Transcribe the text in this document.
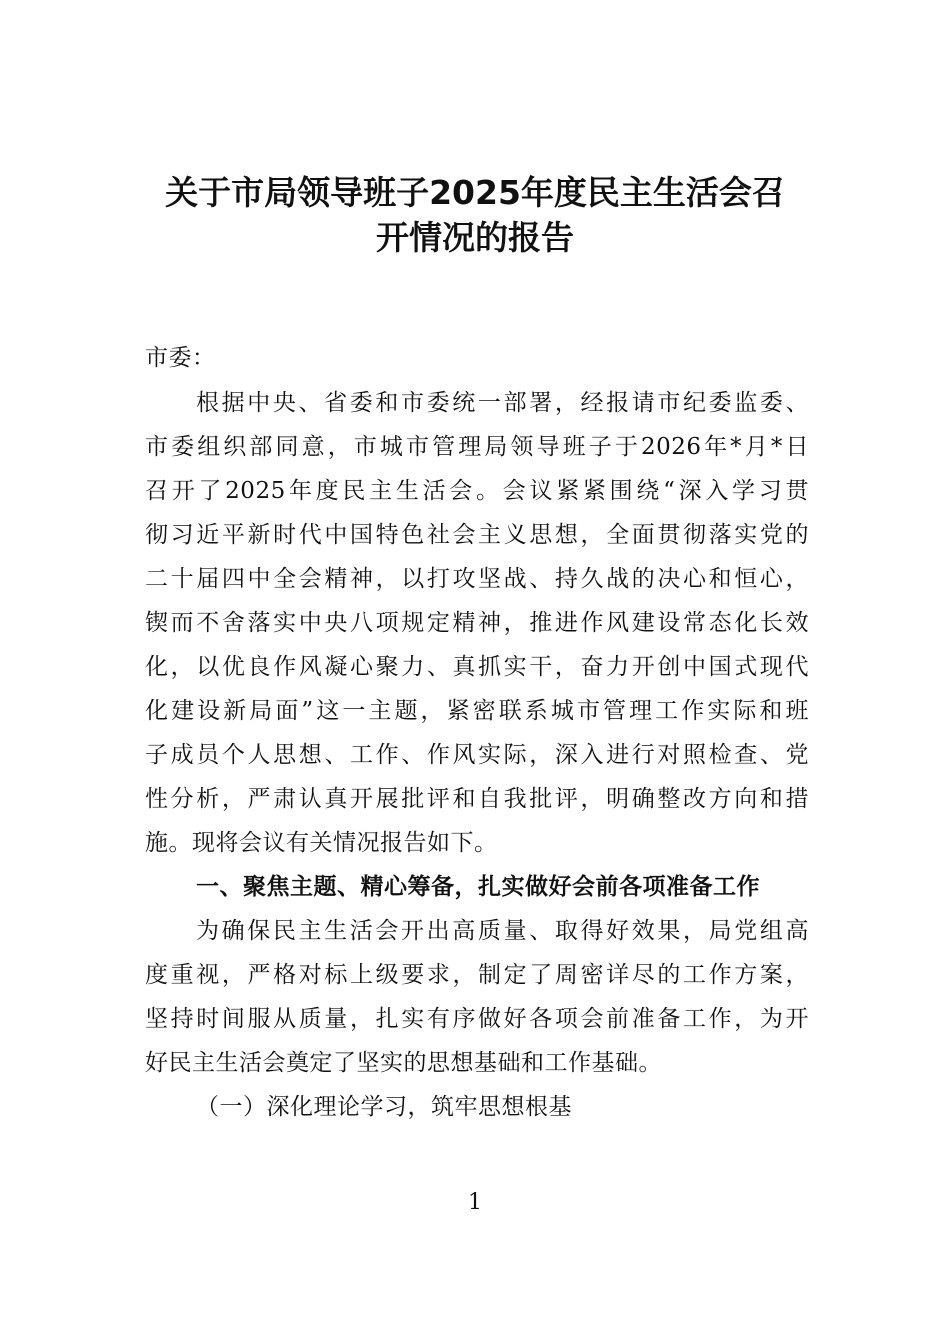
关于市局领导班子2025年度民主生活会召
开情况的报告
市委：
根据中央、省委和市委统一部署，经报请市纪委监委、
市委组织部同意，市城市管理局领导班子于2026年*月*日
召开了2025年度民主生活会。会议紧紧围绕“深入学习贯
彻习近平新时代中国特色社会主义思想，全面贯彻落实党的
二十届四中全会精神，以打攻坚战、持久战的决心和恒心，
锲而不舍落实中央八项规定精神，推进作风建设常态化长效
化，以优良作风凝心聚力、真抓实干，奋力开创中国式现代
化建设新局面”这一主题，紧密联系城市管理工作实际和班
子成员个人思想、工作、作风实际，深入进行对照检查、党
性分析，严肃认真开展批评和自我批评，明确整改方向和措
施。现将会议有关情况报告如下。
一、聚焦主题、精心筹备，扎实做好会前各项准备工作
为确保民主生活会开出高质量、取得好效果，局党组高
度重视，严格对标上级要求，制定了周密详尽的工作方案，
坚持时间服从质量，扎实有序做好各项会前准备工作，为开
好民主生活会奠定了坚实的思想基础和工作基础。
（一）深化理论学习，筑牢思想根基
1
